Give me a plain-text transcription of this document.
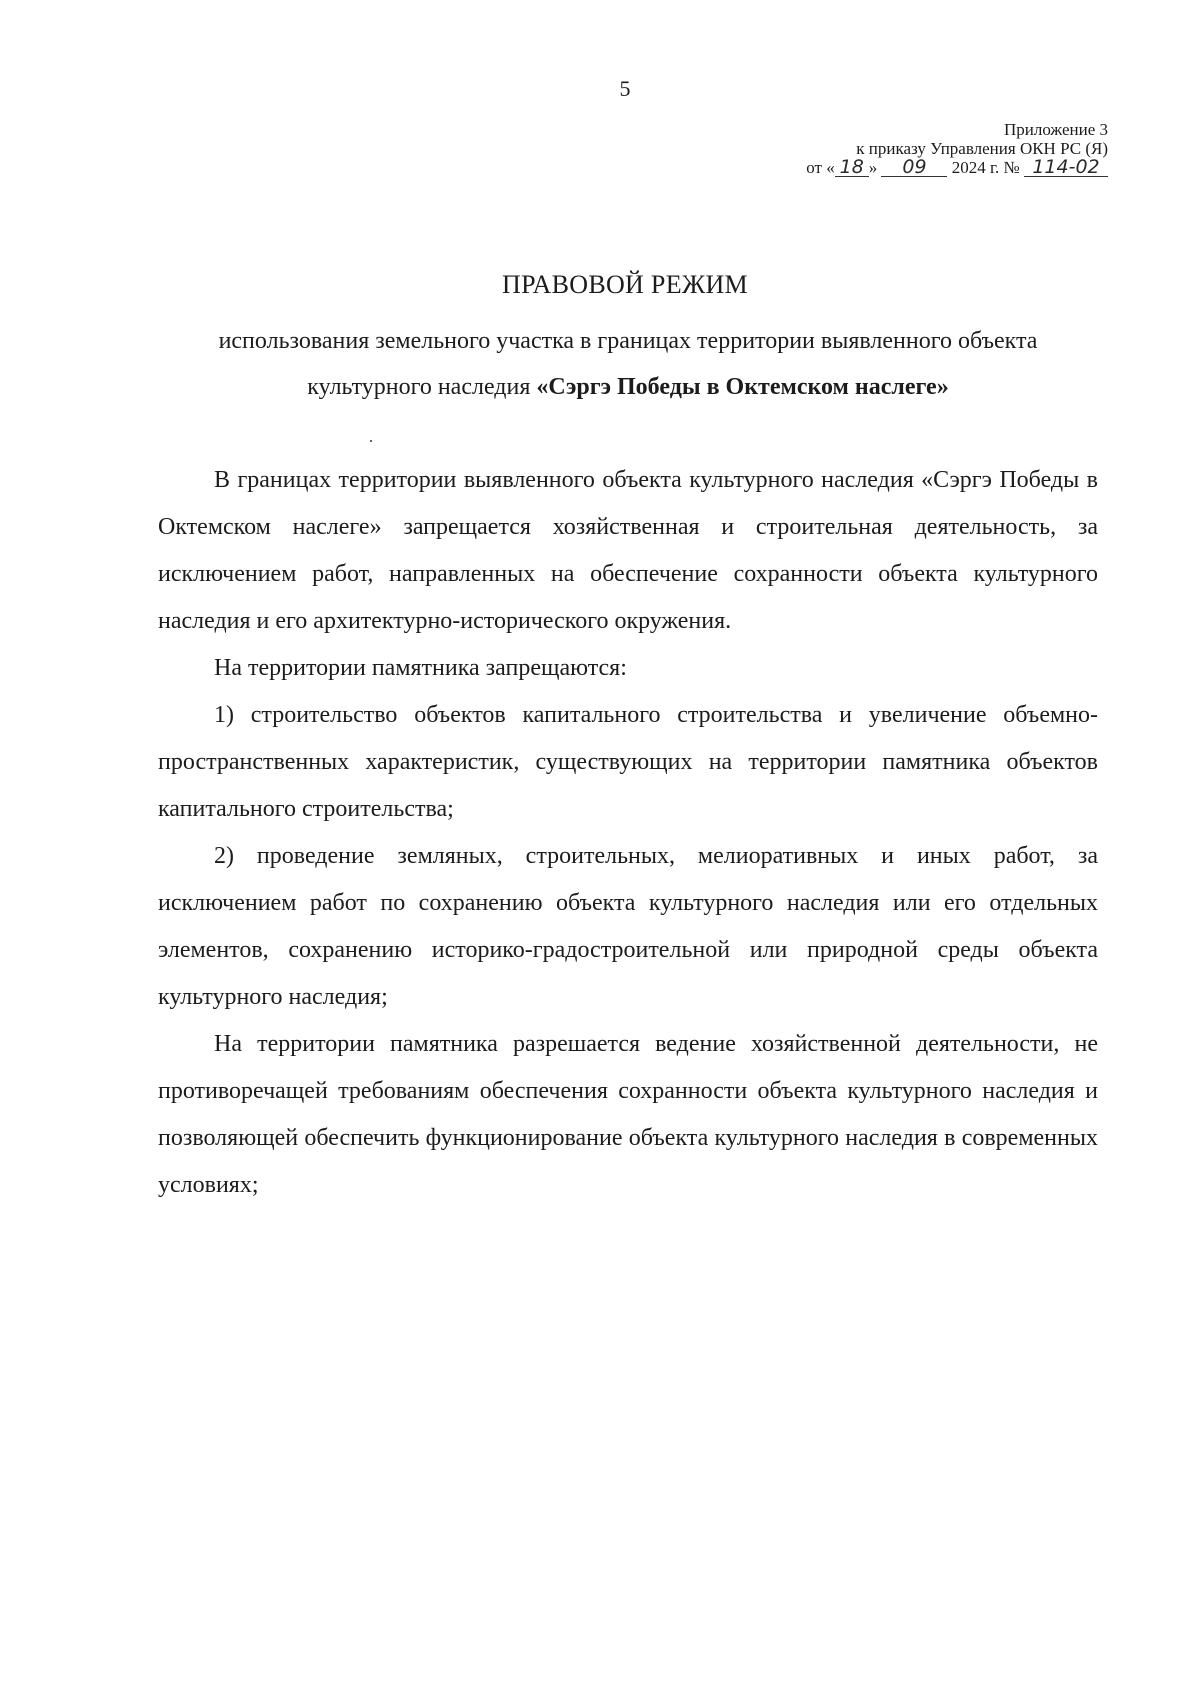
5
Приложение 3
к приказу Управления ОКН РС (Я)
от « 18 » 09 2024 г. № 114-02
ПРАВОВОЙ РЕЖИМ
использования земельного участка в границах территории выявленного объекта культурного наследия «Сэргэ Победы в Октемском наслеге»

В границах территории выявленного объекта культурного наследия «Сэргэ Победы в Октемском наслеге» запрещается хозяйственная и строительная деятельность, за исключением работ, направленных на обеспечение сохранности объекта культурного наследия и его архитектурно-исторического окружения.

На территории памятника запрещаются:

1) строительство объектов капитального строительства и увеличение объемно-пространственных характеристик, существующих на территории памятника объектов капитального строительства;

2) проведение земляных, строительных, мелиоративных и иных работ, за исключением работ по сохранению объекта культурного наследия или его отдельных элементов, сохранению историко-градостроительной или природной среды объекта культурного наследия;

На территории памятника разрешается ведение хозяйственной деятельности, не противоречащей требованиям обеспечения сохранности объекта культурного наследия и позволяющей обеспечить функционирование объекта культурного наследия в современных условиях;
